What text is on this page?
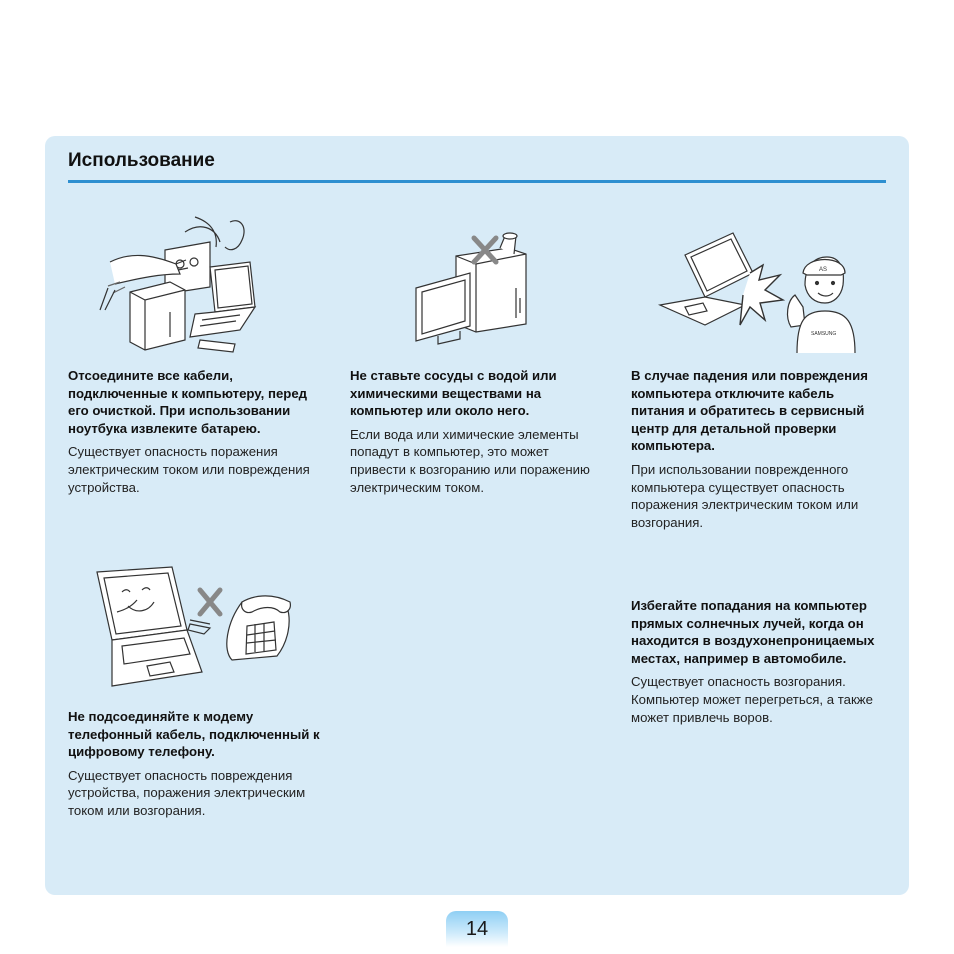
Использование
AS
SAMSUNG
Отсоедините все кабели, подключенные к компьютеру, перед его очисткой. При использовании ноутбука извлеките батарею.
Существует опасность поражения электрическим током или повреждения устройства.
Не ставьте сосуды с водой или химическими веществами на компьютер или около него.
Если вода или химические элементы попадут в компьютер, это может привести к возгоранию или поражению электрическим током.
В случае падения или повреждения компьютера отключите кабель питания и обратитесь в сервисный центр для детальной проверки компьютера.
При использовании поврежденного компьютера существует опасность поражения электрическим током или возгорания.
Не подсоединяйте к модему телефонный кабель, подключенный к цифровому телефону.
Существует опасность повреждения устройства, поражения электрическим током или возгорания.
Избегайте попадания на компьютер прямых солнечных лучей, когда он находится в воздухонепроницаемых местах, например в автомобиле.
Существует опасность возгорания. Компьютер может перегреться, а также может привлечь воров.
14
